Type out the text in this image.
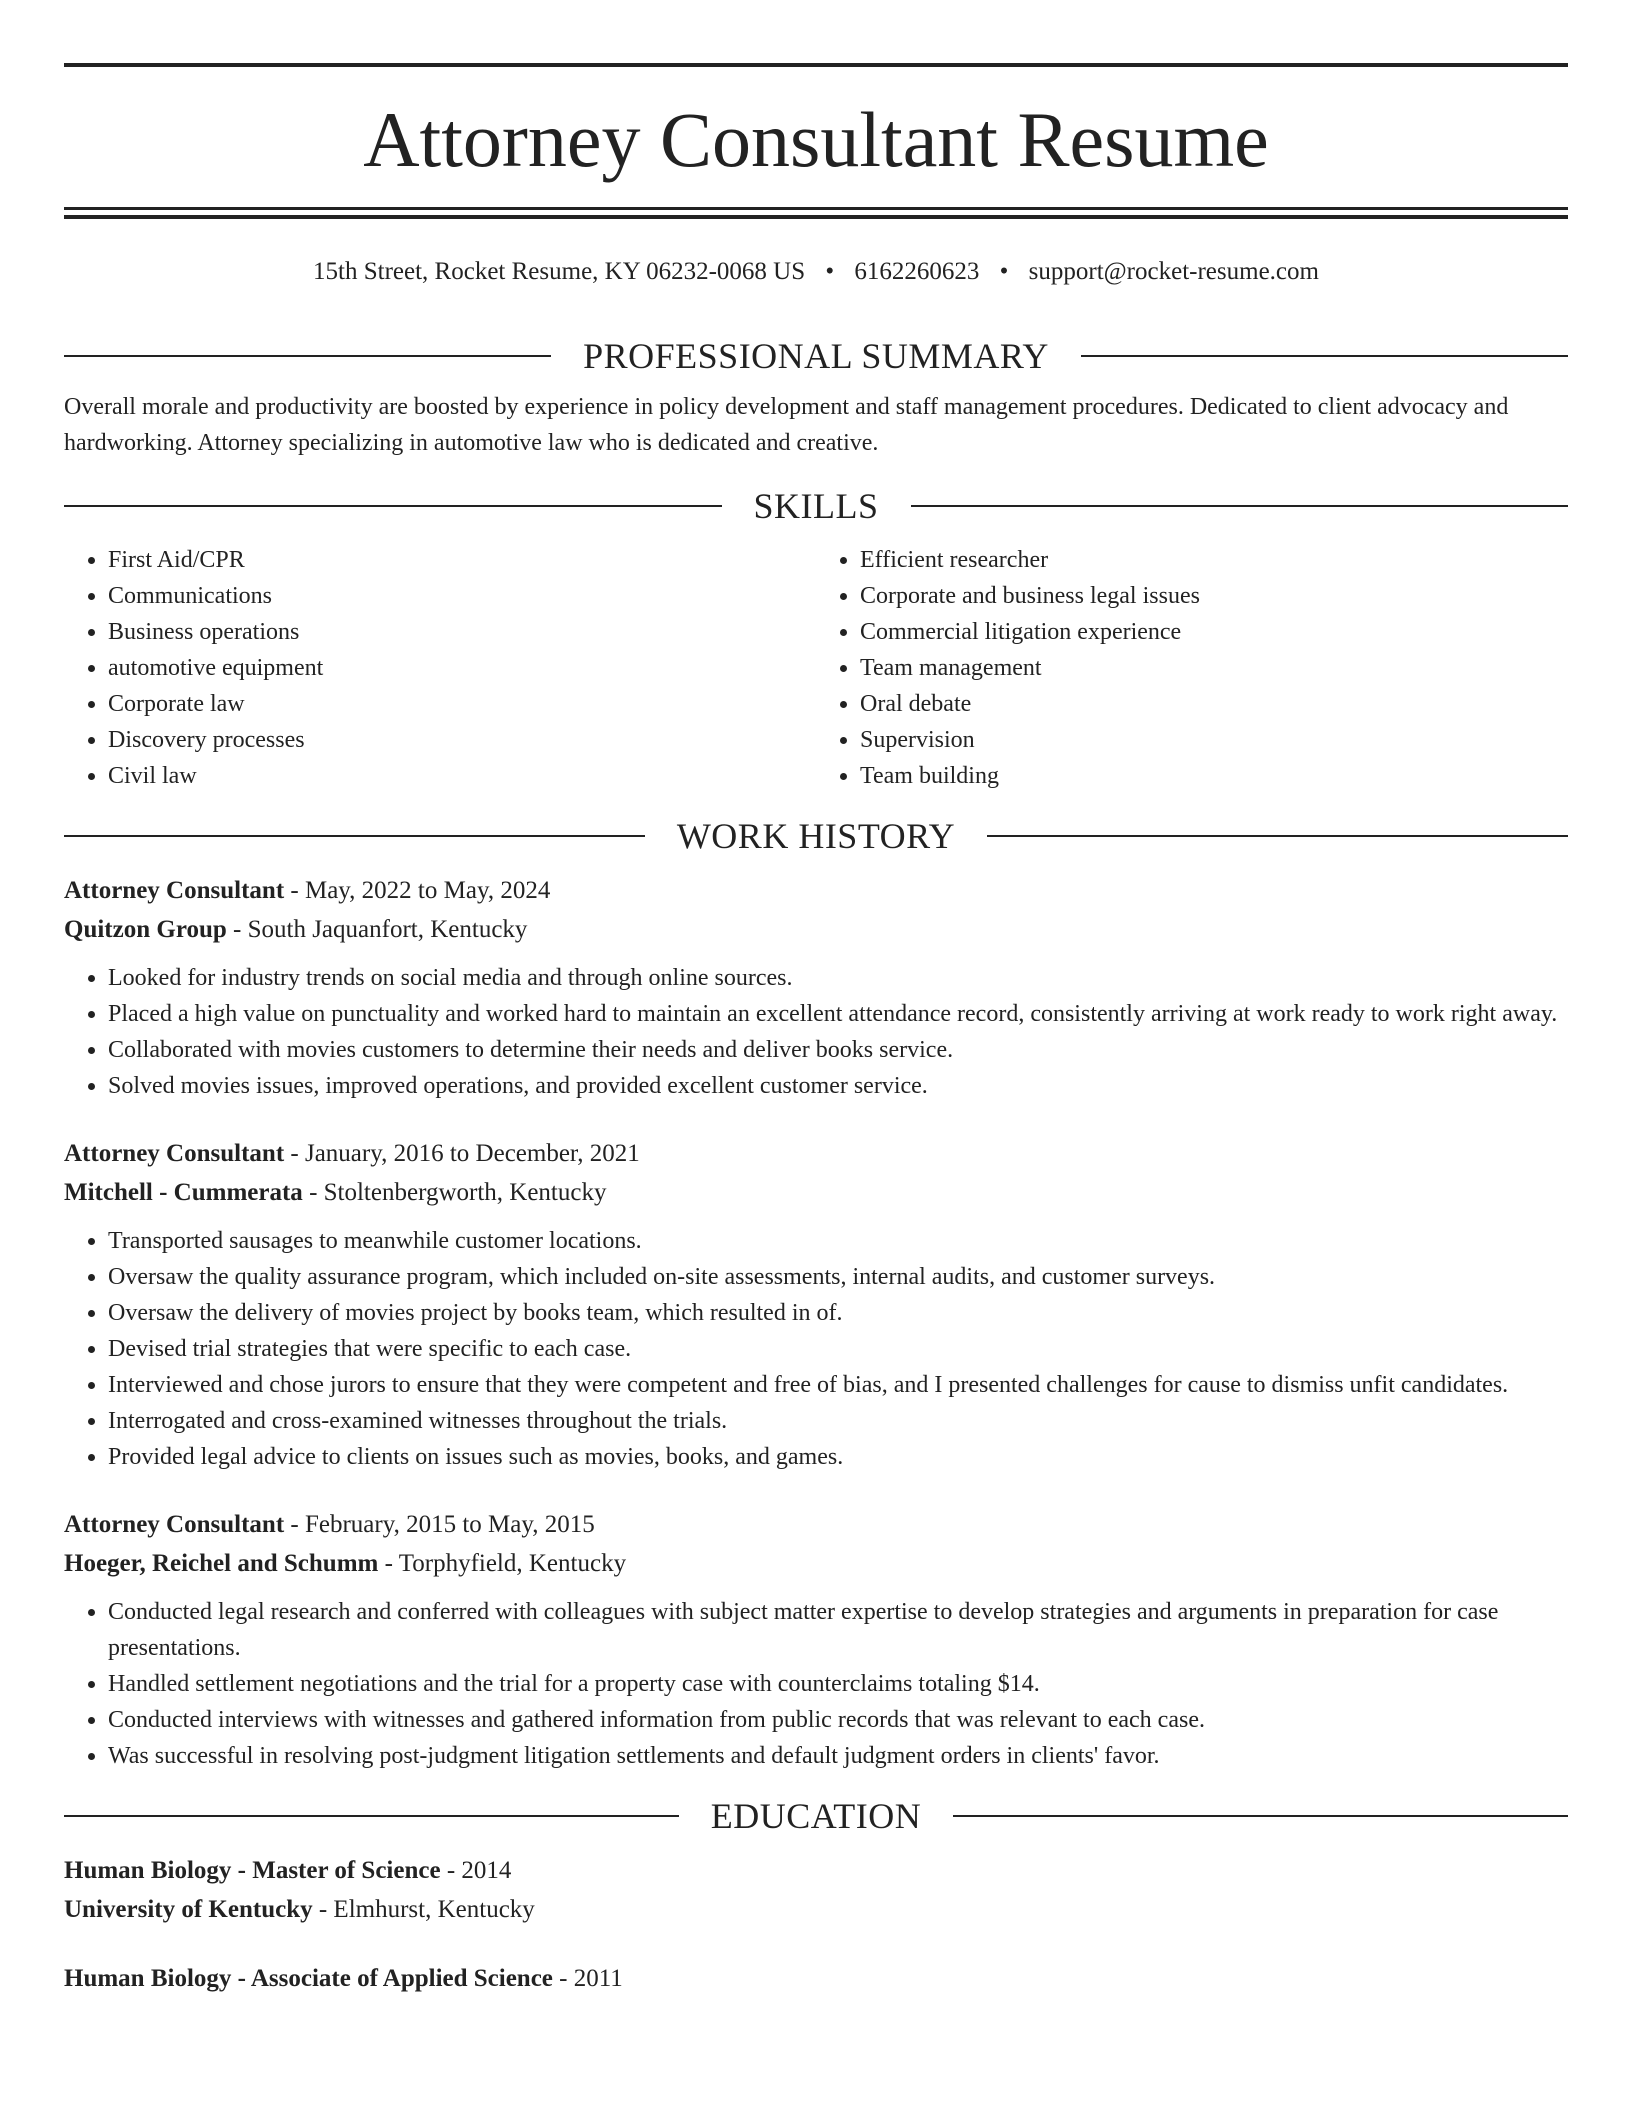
Attorney Consultant Resume
15th Street, Rocket Resume, KY 06232-0068 US • 6162260623 • support@rocket-resume.com
PROFESSIONAL SUMMARY

Overall morale and productivity are boosted by experience in policy development and staff management procedures. Dedicated to client advocacy and hardworking. Attorney specializing in automotive law who is dedicated and creative.

SKILLS
• First Aid/CPR
• Communications
• Business operations
• automotive equipment
• Corporate law
• Discovery processes
• Civil law
• Efficient researcher
• Corporate and business legal issues
• Commercial litigation experience
• Team management
• Oral debate
• Supervision
• Team building
WORK HISTORY
Attorney Consultant - May, 2022 to May, 2024
Quitzon Group - South Jaquanfort, Kentucky
• Looked for industry trends on social media and through online sources.
• Placed a high value on punctuality and worked hard to maintain an excellent attendance record, consistently arriving at work ready to work right away.
• Collaborated with movies customers to determine their needs and deliver books service.
• Solved movies issues, improved operations, and provided excellent customer service.
Attorney Consultant - January, 2016 to December, 2021
Mitchell - Cummerata - Stoltenbergworth, Kentucky
• Transported sausages to meanwhile customer locations.
• Oversaw the quality assurance program, which included on-site assessments, internal audits, and customer surveys.
• Oversaw the delivery of movies project by books team, which resulted in of.
• Devised trial strategies that were specific to each case.
• Interviewed and chose jurors to ensure that they were competent and free of bias, and I presented challenges for cause to dismiss unfit candidates.
• Interrogated and cross-examined witnesses throughout the trials.
• Provided legal advice to clients on issues such as movies, books, and games.
Attorney Consultant - February, 2015 to May, 2015
Hoeger, Reichel and Schumm - Torphyfield, Kentucky
• Conducted legal research and conferred with colleagues with subject matter expertise to develop strategies and arguments in preparation for case presentations.
• Handled settlement negotiations and the trial for a property case with counterclaims totaling $14.
• Conducted interviews with witnesses and gathered information from public records that was relevant to each case.
• Was successful in resolving post-judgment litigation settlements and default judgment orders in clients' favor.
EDUCATION
Human Biology - Master of Science - 2014
University of Kentucky - Elmhurst, Kentucky
Human Biology - Associate of Applied Science - 2011
